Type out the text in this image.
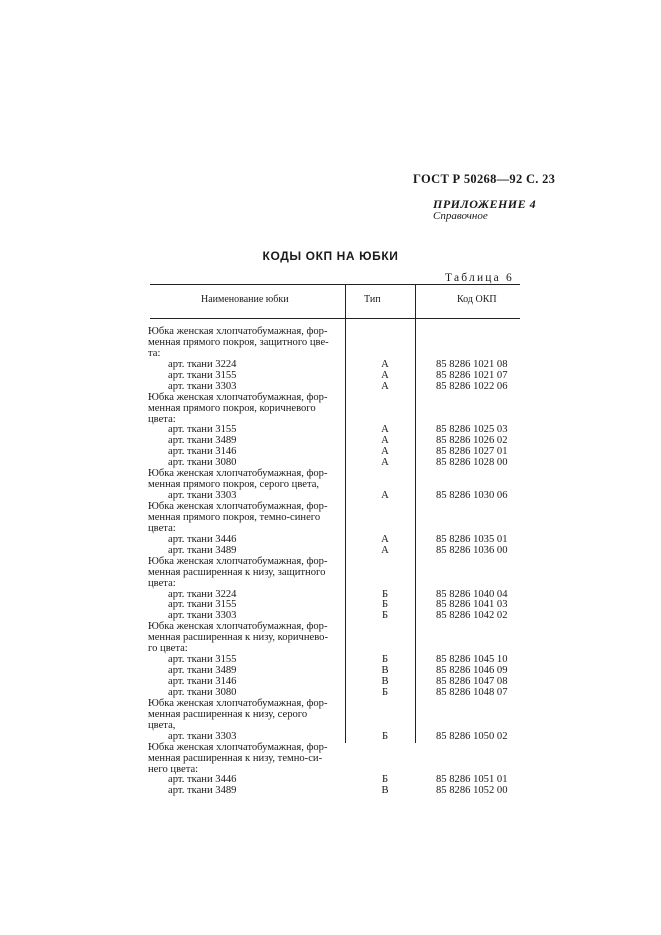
ГОСТ Р 50268—92 С. 23
ПРИЛОЖЕНИЕ 4
Справочное
КОДЫ ОКП НА ЮБКИ
Таблица 6
Наименование юбки	Тип	Код ОКП
Юбка женская хлопчатобумажная, фор-
менная прямого покроя, защитного цве-
та:
арт. ткани 3224	А	85 8286 1021 08
арт. ткани 3155	А	85 8286 1021 07
арт. ткани 3303	А	85 8286 1022 06
Юбка женская хлопчатобумажная, фор-
менная прямого покроя, коричневого
цвета:
арт. ткани 3155	А	85 8286 1025 03
арт. ткани 3489	А	85 8286 1026 02
арт. ткани 3146	А	85 8286 1027 01
арт. ткани 3080	А	85 8286 1028 00
Юбка женская хлопчатобумажная, фор-
менная прямого покроя, серого цвета,
арт. ткани 3303	А	85 8286 1030 06
Юбка женская хлопчатобумажная, фор-
менная прямого покроя, темно-синего
цвета:
арт. ткани 3446	А	85 8286 1035 01
арт. ткани 3489	А	85 8286 1036 00
Юбка женская хлопчатобумажная, фор-
менная расширенная к низу, защитного
цвета:
арт. ткани 3224	Б	85 8286 1040 04
арт. ткани 3155	Б	85 8286 1041 03
арт. ткани 3303	Б	85 8286 1042 02
Юбка женская хлопчатобумажная, фор-
менная расширенная к низу, коричнево-
го цвета:
арт. ткани 3155	Б	85 8286 1045 10
арт. ткани 3489	В	85 8286 1046 09
арт. ткани 3146	В	85 8286 1047 08
арт. ткани 3080	Б	85 8286 1048 07
Юбка женская хлопчатобумажная, фор-
менная расширенная к низу, серого
цвета,
арт. ткани 3303	Б	85 8286 1050 02
Юбка женская хлопчатобумажная, фор-
менная расширенная к низу, темно-си-
него цвета:
арт. ткани 3446	Б	85 8286 1051 01
арт. ткани 3489	В	85 8286 1052 00
